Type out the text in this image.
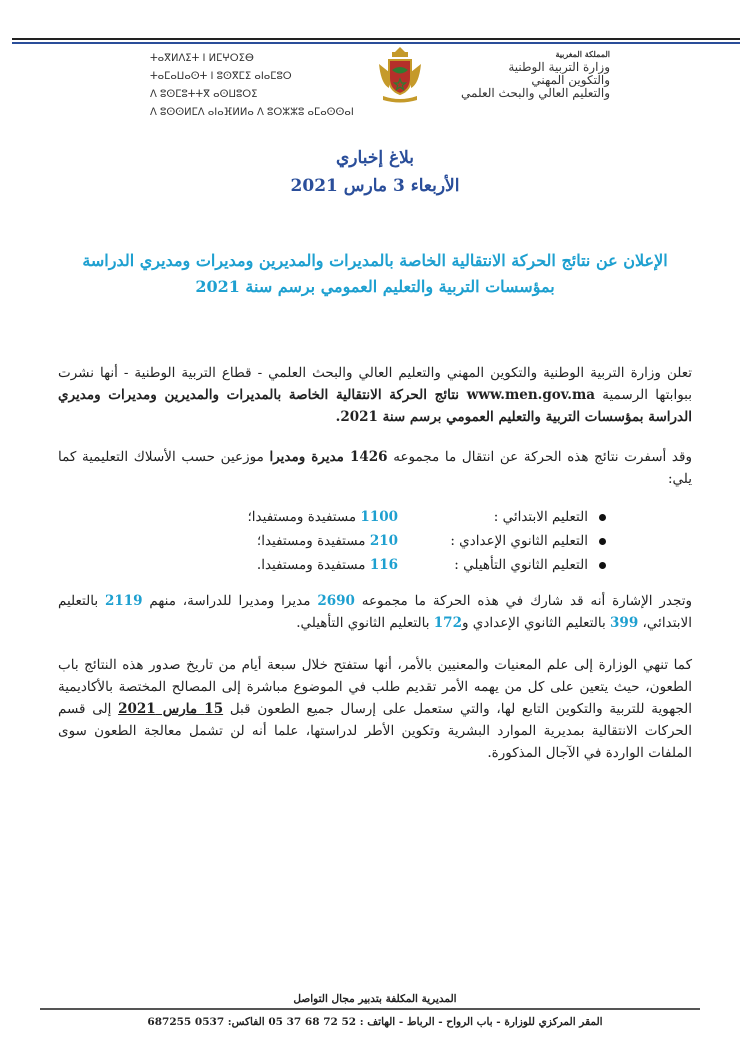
ⵜⴰⴳⵍⴷⵉⵜ ⵏ ⵍⵎⵖⵔⵉⴱ
ⵜⴰⵎⴰⵡⴰⵙⵜ ⵏ ⵓⵙⴳⵎⵉ ⴰⵏⴰⵎⵓⵔ
ⴷ ⵓⵙⵎⵓⵜⵜⴳ ⴰⵙⵡⵓⵔⵉ
ⴷ ⵓⵙⵙⵍⵎⴷ ⴰⵏⴰⴼⵍⵍⴰ ⴷ ⵓⵔⵣⵣⵓ ⴰⵎⴰⵙⵙⴰⵏ
المملكة المغربية
وزارة التربية الوطنية
والتكوين المهني
والتعليم العالي والبحث العلمي
بلاغ إخباري
الأربعاء 3 مارس 2021
الإعلان عن نتائج الحركة الانتقالية الخاصة بالمديرات والمديرين ومديرات ومديري الدراسة
بمؤسسات التربية والتعليم العمومي برسم سنة 2021
تعلن وزارة التربية الوطنية والتكوين المهني والتعليم العالي والبحث العلمي - قطاع التربية الوطنية - أنها نشرت ببوابتها الرسمية www.men.gov.ma نتائج الحركة الانتقالية الخاصة بالمديرات والمديرين ومديرات ومديري الدراسة بمؤسسات التربية والتعليم العمومي برسم سنة 2021.
وقد أسفرت نتائج هذه الحركة عن انتقال ما مجموعه 1426 مديرة ومديرا موزعين حسب الأسلاك التعليمية كما يلي:
التعليم الابتدائي :1100 مستفيدة ومستفيدا؛
التعليم الثانوي الإعدادي :210 مستفيدة ومستفيدا؛
التعليم الثانوي التأهيلي :116 مستفيدة ومستفيدا.
وتجدر الإشارة أنه قد شارك في هذه الحركة ما مجموعه 2690 مديرا ومديرا للدراسة، منهم 2119 بالتعليم الابتدائي، 399 بالتعليم الثانوي الإعدادي و172 بالتعليم الثانوي التأهيلي.
كما تنهي الوزارة إلى علم المعنيات والمعنيين بالأمر، أنها ستفتح خلال سبعة أيام من تاريخ صدور هذه النتائج باب الطعون، حيث يتعين على كل من يهمه الأمر تقديم طلب في الموضوع مباشرة إلى المصالح المختصة بالأكاديمية الجهوية للتربية والتكوين التابع لها، والتي ستعمل على إرسال جميع الطعون قبل 15 مارس 2021 إلى قسم الحركات الانتقالية بمديرية الموارد البشرية وتكوين الأطر لدراستها، علما أنه لن تشمل معالجة الطعون سوى الملفات الواردة في الآجال المذكورة.
المديرية المكلفة بتدبير مجال التواصل
المقر المركزي للوزارة - باب الرواح - الرباط - الهاتف : 52 72 68 37 05 الفاكس: 0537 687255
